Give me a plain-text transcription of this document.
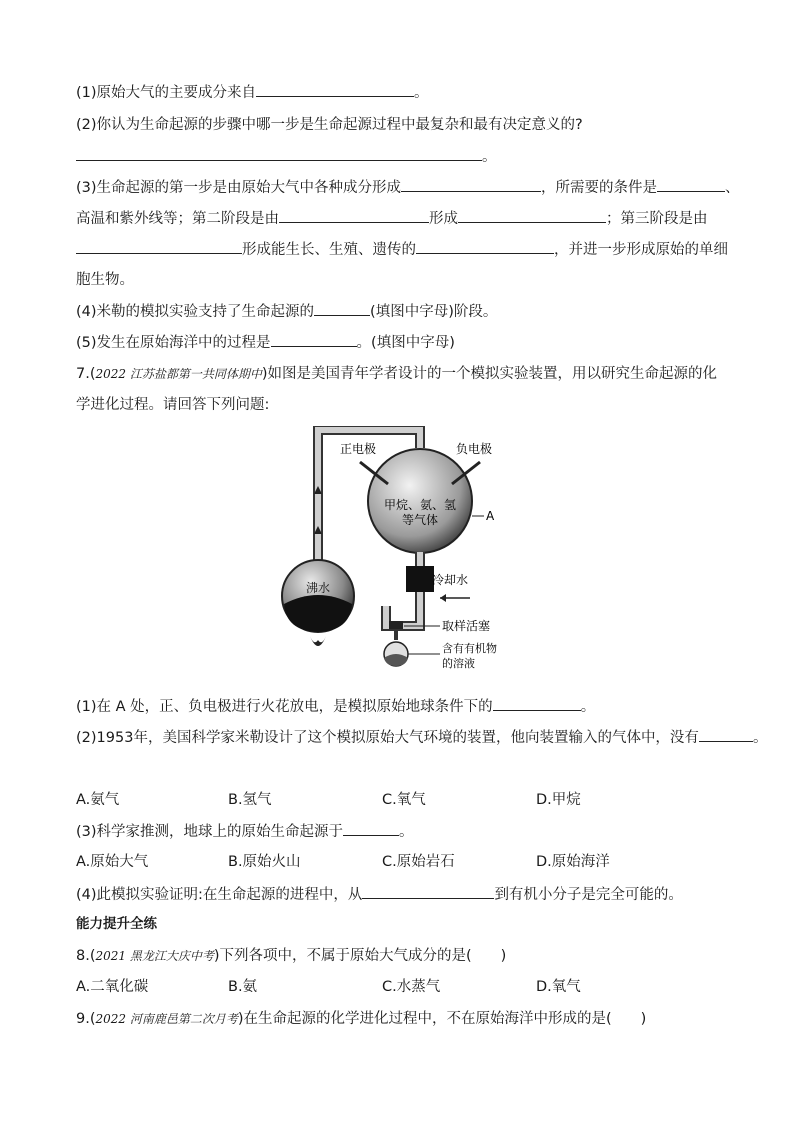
(1)原始大气的主要成分来自	。
(2)你认为生命起源的步骤中哪一步是生命起源过程中最复杂和最有决定意义的?
。
(3)生命起源的第一步是由原始大气中各种成分形成	，所需要的条件是	、
高温和紫外线等；第二阶段是由	形成	；第三阶段是由
形成能生长、生殖、遗传的	，并进一步形成原始的单细
胞生物。
(4)米勒的模拟实验支持了生命起源的	(填图中字母)阶段。
(5)发生在原始海洋中的过程是	。(填图中字母)
7.(2022 江苏盐都第一共同体期中)如图是美国青年学者设计的一个模拟实验装置，用以研究生命起源的化
学进化过程。请回答下列问题:
正电极	负电极
甲烷、氨、氢
等气体	A
冷却水
沸水
取样活塞
含有有机物
的溶液
(1)在 A 处，正、负电极进行火花放电，是模拟原始地球条件下的	。
(2)1953年，美国科学家米勒设计了这个模拟原始大气环境的装置，他向装置输入的气体中，没有	。
A.氨气	B.氢气	C.氧气	D.甲烷
(3)科学家推测，地球上的原始生命起源于	。
A.原始大气	B.原始火山	C.原始岩石	D.原始海洋
(4)此模拟实验证明:在生命起源的进程中，从	到有机小分子是完全可能的。
能力提升全练
8.(2021 黑龙江大庆中考)下列各项中，不属于原始大气成分的是(　　)
A.二氧化碳	B.氨	C.水蒸气	D.氧气
9.(2022 河南鹿邑第二次月考)在生命起源的化学进化过程中，不在原始海洋中形成的是(　　)
